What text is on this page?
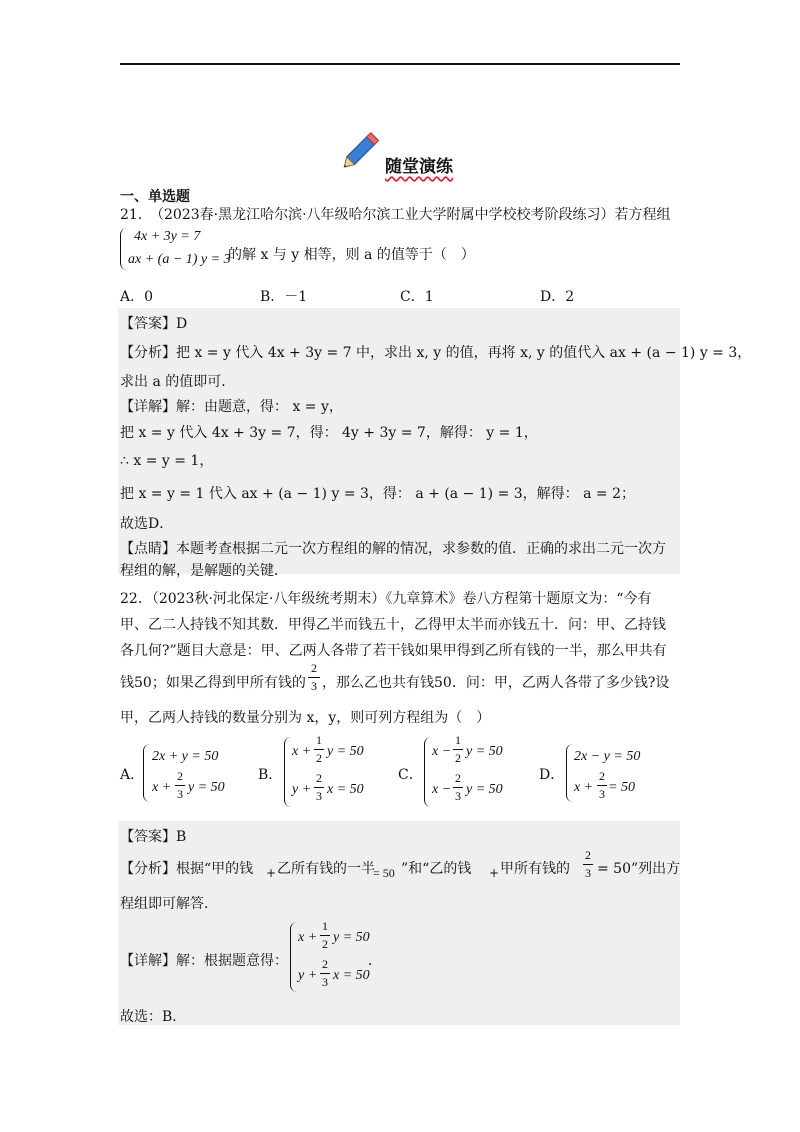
随堂演练
一、单选题
21．
（2023春·黑龙江哈尔滨·八年级哈尔滨工业大学附属中学校校考阶段练习）若方程组
4x + 3y = 7
ax + (a − 1) y = 3
的解 x 与 y 相等，则 a 的值等于（　）
A．0	B．－1	C．1	D．2
【答案】D
【分析】把 x = y 代入 4x + 3y = 7 中，求出 x, y 的值，再将 x, y 的值代入 ax + (a − 1) y = 3，
求出 a 的值即可．
【详解】解：由题意，得： x = y，
把 x = y 代入 4x + 3y = 7，得： 4y + 3y = 7，解得： y = 1，
∴ x = y = 1，
把 x = y = 1 代入 ax + (a − 1) y = 3，得： a + (a − 1) = 3，解得： a = 2；
故选D．
【点睛】本题考查根据二元一次方程组的解的情况，求参数的值．正确的求出二元一次方
程组的解，是解题的关键．
22．（2023秋·河北保定·八年级统考期末）《九章算术》卷八方程第十题原文为：“今有
甲、乙二人持钱不知其数．甲得乙半而钱五十，乙得甲太半而亦钱五十．问：甲、乙持钱
各几何?”题目大意是：甲、乙两人各带了若干钱如果甲得到乙所有钱的一半，那么甲共有
钱50；如果乙得到甲所有钱的
2
3 ，那么乙也共有钱50．问：甲，乙两人各带了多少钱?设
甲，乙两人持钱的数量分别为 x，y，则可列方程组为（　）
A．
2x + y = 50
x +
2
3 y = 50
B．
x +
1
2 y = 50
y +
2
3 x = 50
C．
x −
1
2 y = 50
x −
2
3 y = 50
D．
2x − y = 50
x +
2
3 = 50
【答案】B
【分析】根据“甲的钱 + 乙所有钱的一半
= 50 ”和“乙的钱 + 甲所有钱的
2
3 = 50”列出方
程组即可解答．
【详解】解：根据题意得：
x +
1
2 y = 50
y +
2
3 x = 50
．
故选：B．
